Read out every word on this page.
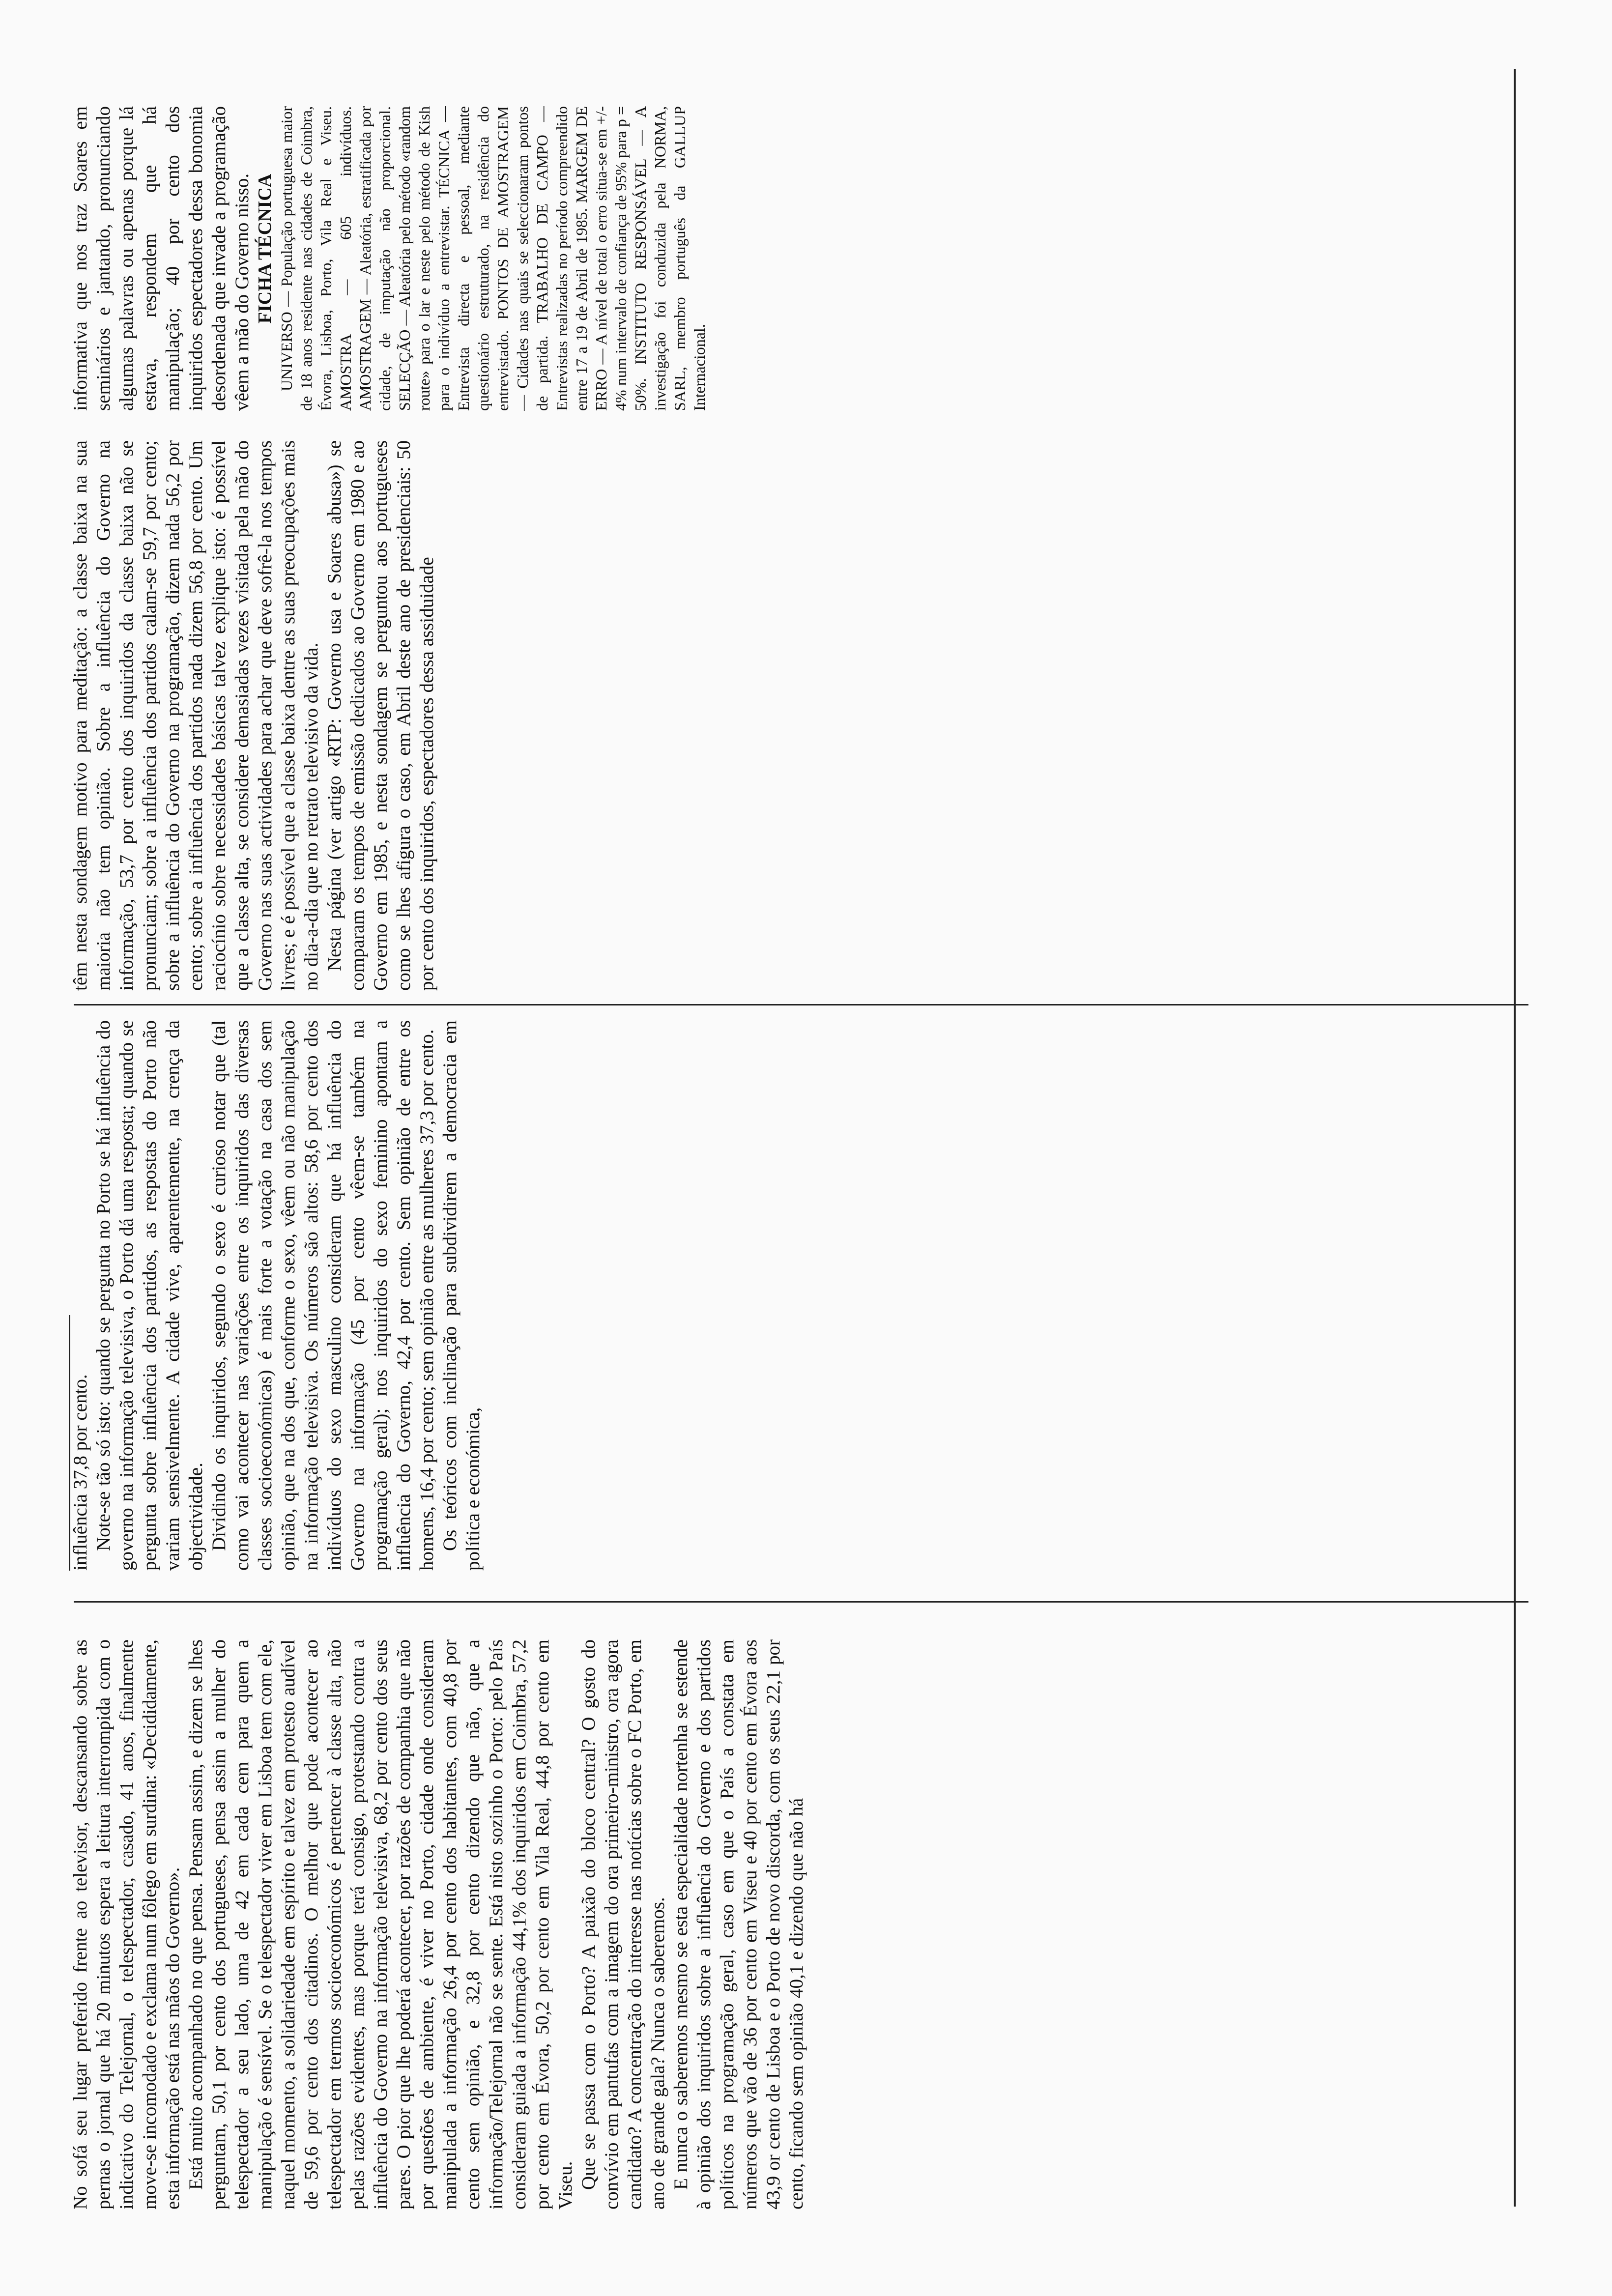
No sofá seu lugar preferido frente ao televisor, descansando sobre as pernas o jornal que há 20 minutos espera a leitura interrompida com o indicativo do Telejornal, o telespectador, casado, 41 anos, finalmente move-se incomodado e exclama num fôlego em surdina: «Decididamente, esta informação está nas mãos do Governo». Está muito acompanhado no que pensa. Pensam assim, e dizem se lhes perguntam, 50,1 por cento dos portugueses, pensa assim a mulher do telespectador a seu lado, uma de 42 em cada cem para quem a manipulação é sensível. Se o telespectador viver em Lisboa tem com ele, naquel momento, a solidariedade em espírito e talvez em protesto audível de 59,6 por cento dos citadinos. O melhor que pode acontecer ao telespectador em termos socioeconómicos é pertencer à classe alta, não pelas razões evidentes, mas porque terá consigo, protestando contra a influência do Governo na informação televisiva, 68,2 por cento dos seus pares. O pior que lhe poderá acontecer, por razões de companhia que não por questões de ambiente, é viver no Porto, cidade onde consideram manipulada a informação 26,4 por cento dos habitantes, com 40,8 por cento sem opinião, e 32,8 por cento dizendo que não, que a informação/Telejornal não se sente. Está nisto sozinho o Porto: pelo País consideram guiada a informação 44,1% dos inquiridos em Coimbra, 57,2 por cento em Évora, 50,2 por cento em Vila Real, 44,8 por cento em Viseu. Que se passa com o Porto? A paixão do bloco central? O gosto do convívio em pantufas com a imagem do ora primeiro-ministro, ora agora candidato? A concentração do interesse nas notícias sobre o FC Porto, em ano de grande gala? Nunca o saberemos. E nunca o saberemos mesmo se esta especialidade nortenha se estende à opinião dos inquiridos sobre a influência do Governo e dos partidos políticos na programação geral, caso em que o País a constata em números que vão de 36 por cento em Viseu e 40 por cento em Évora aos 43,9 or cento de Lisboa e o Porto de novo discorda, com os seus 22,1 por cento, ficando sem opinião 40,1 e dizendo que não há

influência 37,8 por cento. Note-se tão só isto: quando se pergunta no Porto se há influência do governo na informação televisiva, o Porto dá uma resposta; quando se pergunta sobre influência dos partidos, as respostas do Porto não variam sensivelmente. A cidade vive, aparentemente, na crença da objectividade. Dividindo os inquiridos, segundo o sexo é curioso notar que (tal como vai acontecer nas variações entre os inquiridos das diversas classes socioeconómicas) é mais forte a votação na casa dos sem opinião, que na dos que, conforme o sexo, vêem ou não manipulação na informação televisiva. Os números são altos: 58,6 por cento dos indivíduos do sexo masculino consideram que há influência do Governo na informação (45 por cento vêem-se também na programação geral); nos inquiridos do sexo feminino apontam a influência do Governo, 42,4 por cento. Sem opinião de entre os homens, 16,4 por cento; sem opinião entre as mulheres 37,3 por cento. Os teóricos com inclinação para subdividirem a democracia em política e económica,

têm nesta sondagem motivo para meditação: a classe baixa na sua maioria não tem opinião. Sobre a influência do Governo na informação, 53,7 por cento dos inquiridos da classe baixa não se pronunciam; sobre a influência dos partidos calam-se 59,7 por cento; sobre a influência do Governo na programação, dizem nada 56,2 por cento; sobre a influência dos partidos nada dizem 56,8 por cento. Um raciocínio sobre necessidades básicas talvez explique isto: é possível que a classe alta, se considere demasiadas vezes visitada pela mão do Governo nas suas actividades para achar que deve sofrê-la nos tempos livres; e é possível que a classe baixa dentre as suas preocupações mais no dia-a-dia que no retrato televisivo da vida. Nesta página (ver artigo «RTP: Governo usa e Soares abusa») se comparam os tempos de emissão dedicados ao Governo em 1980 e ao Governo em 1985, e nesta sondagem se perguntou aos portugueses como se lhes afigura o caso, em Abril deste ano de presidenciais: 50 por cento dos inquiridos, espectadores dessa assiduidade

informativa que nos traz Soares em seminários e jantando, pronunciando algumas palavras ou apenas porque lá estava, respondem que há manipulação; 40 por cento dos inquiridos espectadores dessa bonomia desordenada que invade a programação vêem a mão do Governo nisso. FICHA TÉCNICA UNIVERSO — População portuguesa maior de 18 anos residente nas cidades de Coimbra, Évora, Lisboa, Porto, Vila Real e Viseu. AMOSTRA — 605 indivíduos. AMOSTRAGEM — Aleatória, estratificada por cidade, de imputação não proporcional. SELECÇÃO — Aleatória pelo método «random route» para o lar e neste pelo método de Kish para o indivíduo a entrevistar. TÉCNICA — Entrevista directa e pessoal, mediante questionário estruturado, na residência do entrevistado. PONTOS DE AMOSTRAGEM — Cidades nas quais se seleccionaram pontos de partida. TRABALHO DE CAMPO — Entrevistas realizadas no período compreendido entre 17 a 19 de Abril de 1985. MARGEM DE ERRO — A nível de total o erro situa-se em +/- 4% num intervalo de confiança de 95% para p = 50%. INSTITUTO RESPONSÁVEL — A investigação foi conduzida pela NORMA, SARL, membro português da GALLUP Internacional.
